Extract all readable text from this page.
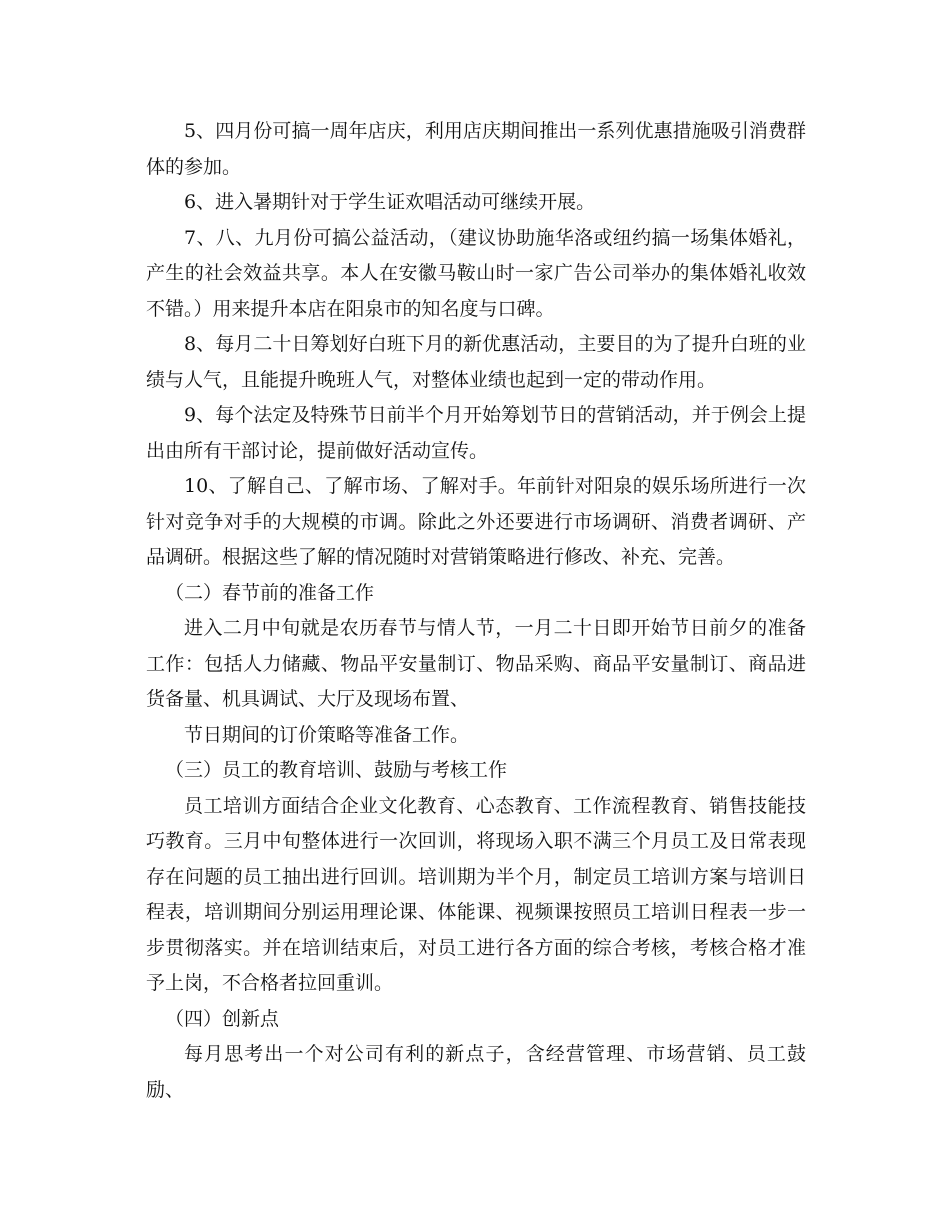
5、四月份可搞一周年店庆，利用店庆期间推出一系列优惠措施吸引消费群体的参加。

6、进入暑期针对于学生证欢唱活动可继续开展。

7、八、九月份可搞公益活动，（建议协助施华洛或纽约搞一场集体婚礼，产生的社会效益共享。本人在安徽马鞍山时一家广告公司举办的集体婚礼收效不错。）用来提升本店在阳泉市的知名度与口碑。

8、每月二十日筹划好白班下月的新优惠活动，主要目的为了提升白班的业绩与人气，且能提升晚班人气，对整体业绩也起到一定的带动作用。

9、每个法定及特殊节日前半个月开始筹划节日的营销活动，并于例会上提出由所有干部讨论，提前做好活动宣传。

10、了解自己、了解市场、了解对手。年前针对阳泉的娱乐场所进行一次针对竞争对手的大规模的市调。除此之外还要进行市场调研、消费者调研、产品调研。根据这些了解的情况随时对营销策略进行修改、补充、完善。

（二）春节前的准备工作

进入二月中旬就是农历春节与情人节，一月二十日即开始节日前夕的准备工作：包括人力储藏、物品平安量制订、物品采购、商品平安量制订、商品进货备量、机具调试、大厅及现场布置、

节日期间的订价策略等准备工作。

（三）员工的教育培训、鼓励与考核工作

员工培训方面结合企业文化教育、心态教育、工作流程教育、销售技能技巧教育。三月中旬整体进行一次回训，将现场入职不满三个月员工及日常表现存在问题的员工抽出进行回训。培训期为半个月，制定员工培训方案与培训日程表，培训期间分别运用理论课、体能课、视频课按照员工培训日程表一步一步贯彻落实。并在培训结束后，对员工进行各方面的综合考核，考核合格才准予上岗，不合格者拉回重训。

（四）创新点

每月思考出一个对公司有利的新点子，含经营管理、市场营销、员工鼓励、
